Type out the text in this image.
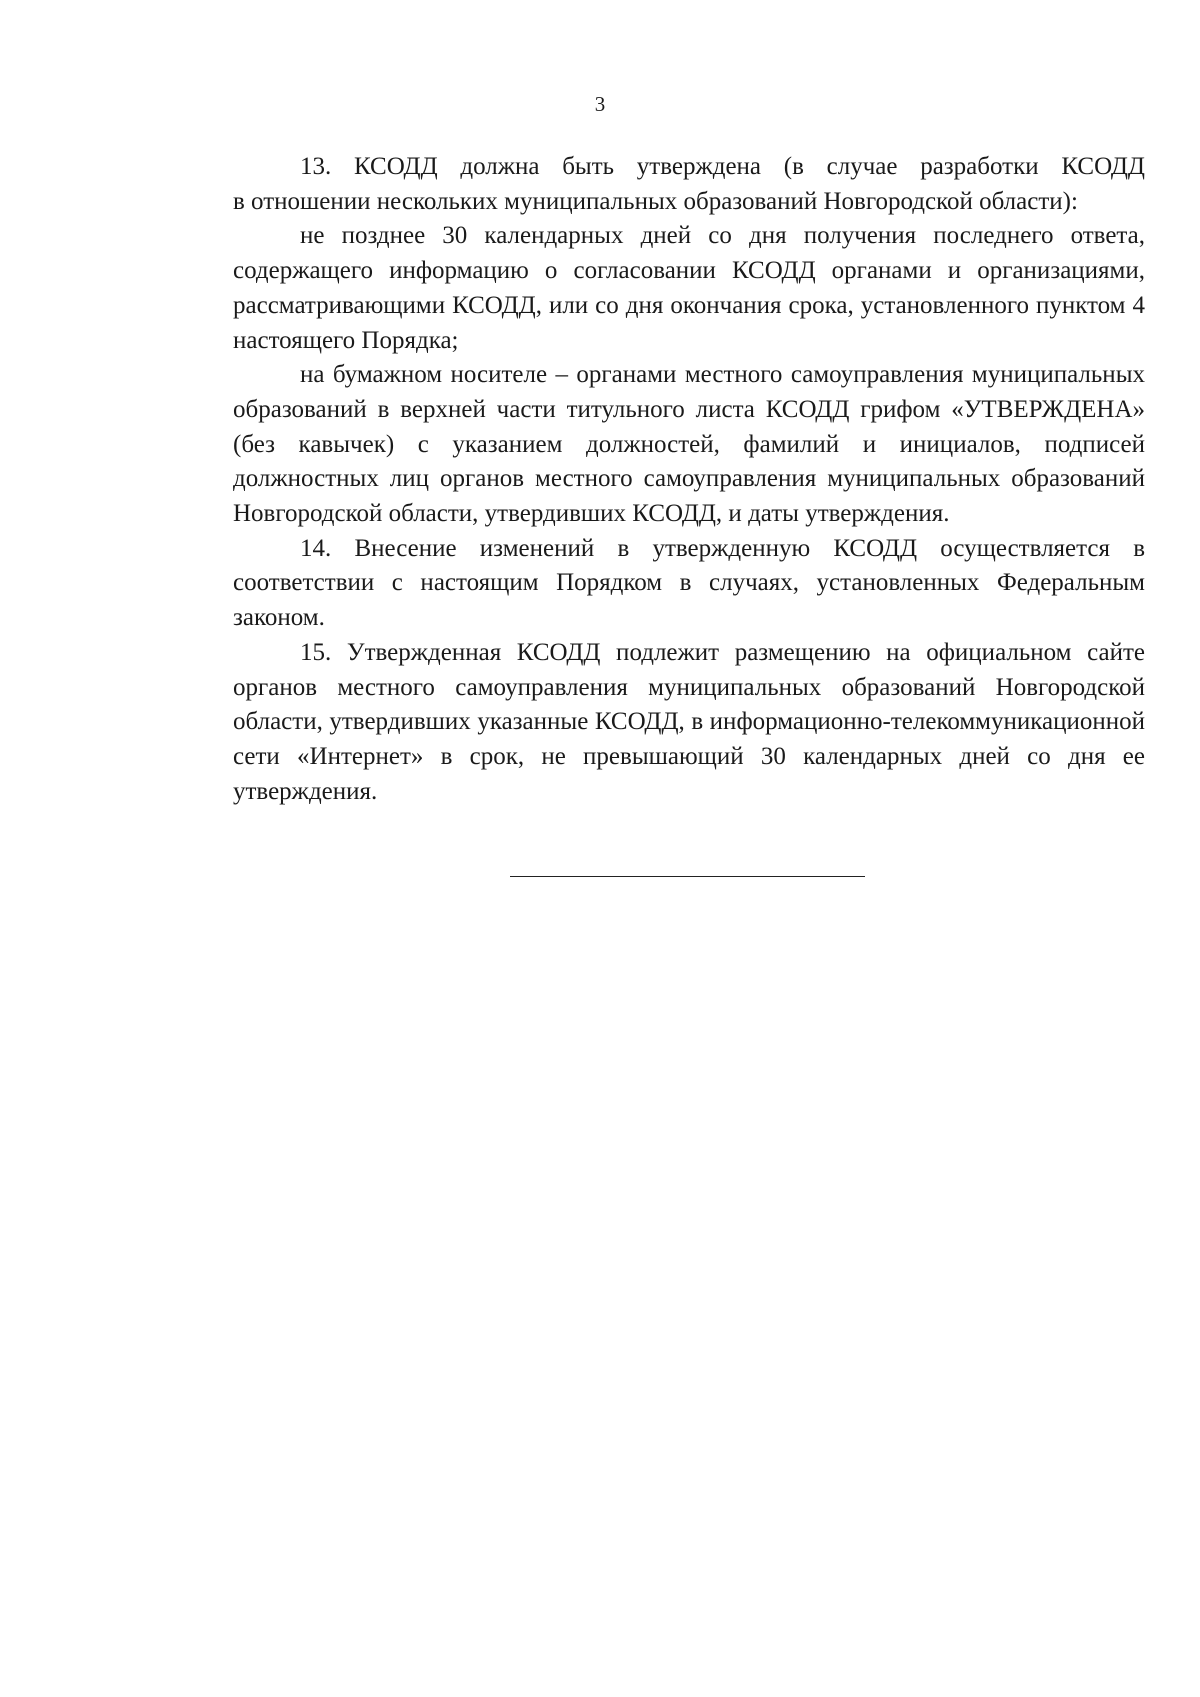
3

13. КСОДД должна быть утверждена (в случае разработки КСОДД

в отношении нескольких муниципальных образований Новгородской области):

не позднее 30 календарных дней со дня получения последнего ответа, содержащего информацию о согласовании КСОДД органами и организациями, рассматривающими КСОДД, или со дня окончания срока, установленного пунктом 4 настоящего Порядка;

на бумажном носителе – органами местного самоуправления муниципальных образований в верхней части титульного листа КСОДД грифом «УТВЕРЖДЕНА» (без кавычек) с указанием должностей, фамилий и инициалов, подписей должностных лиц органов местного самоуправления муниципальных образований Новгородской области, утвердивших КСОДД, и даты утверждения.

14. Внесение изменений в утвержденную КСОДД осуществляется в соответствии с настоящим Порядком в случаях, установленных Федеральным законом.

15. Утвержденная КСОДД подлежит размещению на официальном сайте органов местного самоуправления муниципальных образований Новгородской области, утвердивших указанные КСОДД, в информационно-телекоммуникационной сети «Интернет» в срок, не превышающий 30 календарных дней со дня ее утверждения.
